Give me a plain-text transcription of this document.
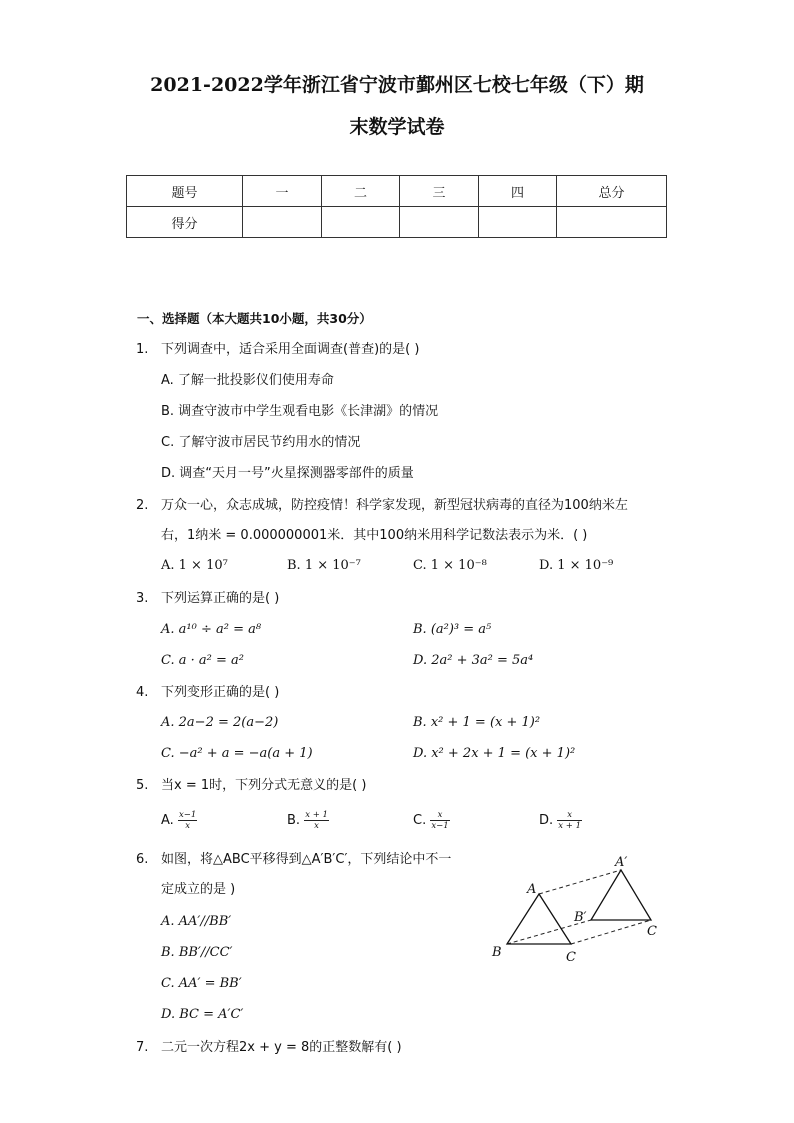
2021-2022学年浙江省宁波市鄞州区七校七年级（下）期
末数学试卷
题号	一	二	三	四	总分
得分					
一、选择题（本大题共10小题，共30分）
1. 下列调查中，适合采用全面调查(普查)的是( )
A. 了解一批投影仪们使用寿命
B. 调查守波市中学生观看电影《长津湖》的情况
C. 了解守波市居民节约用水的情况
D. 调查“天月一号”火星探测器零部件的质量
2. 万众一心，众志成城，防控疫情！科学家发现，新型冠状病毒的直径为100纳米左
右，1纳米 = 0.000000001米．其中100纳米用科学记数法表示为米．( )
A. 1 × 10⁷	B. 1 × 10⁻⁷	C. 1 × 10⁻⁸	D. 1 × 10⁻⁹
3. 下列运算正确的是( )
A. a¹⁰ ÷ a² = a⁸	B. (a²)³ = a⁵
C. a · a² = a²	D. 2a² + 3a² = 5a⁴
4. 下列变形正确的是( )
A. 2a−2 = 2(a−2)	B. x² + 1 = (x + 1)²
C. −a² + a = −a(a + 1)	D. x² + 2x + 1 = (x + 1)²
5. 当x = 1时，下列分式无意义的是( )
A. $\frac{x-1}{x}$	B. $\frac{x + 1}{x}$	C. $\frac{x}{x-1}$	D. $\frac{x}{x + 1}$
6. 如图，将△ABC平移得到△A′B′C′，下列结论中不一
定成立的是 )
A. AA′//BB′
B. BB′//CC′
C. AA′ = BB′
D. BC = A′C′
A
B	C
A′
B′
C
7. 二元一次方程2x + y = 8的正整数解有( )
